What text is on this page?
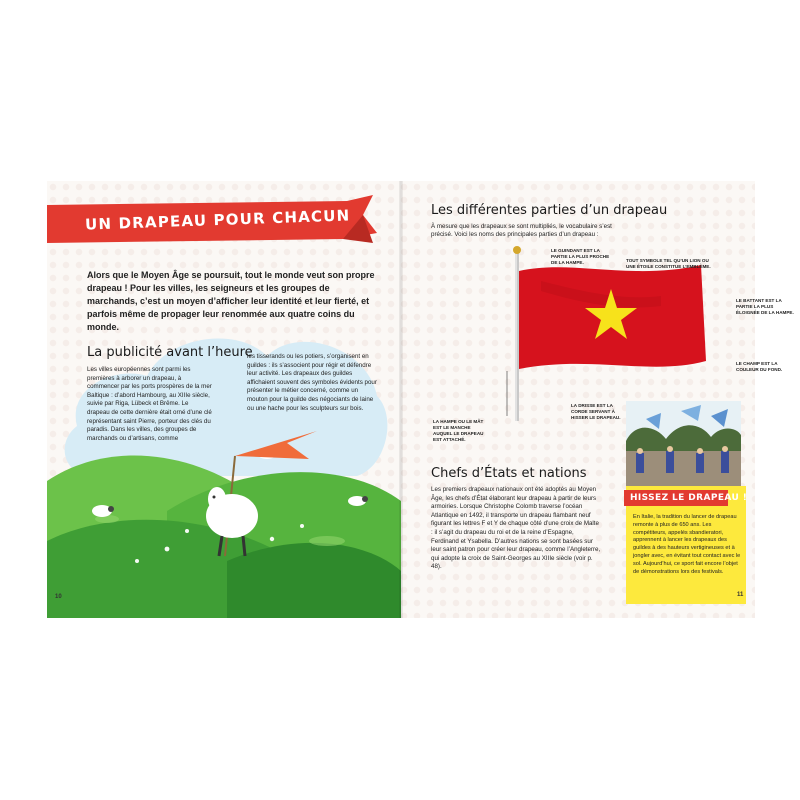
UN DRAPEAU POUR CHACUN
Alors que le Moyen Âge se poursuit, tout le monde veut son propre drapeau ! Pour les villes, les seigneurs et les groupes de marchands, c’est un moyen d’afficher leur identité et leur fierté, et parfois même de propager leur renommée aux quatre coins du monde.
La publicité avant l’heure
Les villes européennes sont parmi les premières à arborer un drapeau, à commencer par les ports prospères de la mer Baltique : d’abord Hambourg, au XIIIe siècle, suivie par Riga, Lübeck et Brême. Le drapeau de cette dernière était orné d’une clé représentant saint Pierre, porteur des clés du paradis. Dans les villes, des groupes de marchands ou d’artisans, comme
les tisserands ou les potiers, s’organisent en guildes : ils s’associent pour régir et défendre leur activité. Les drapeaux des guildes affichaient souvent des symboles évidents pour présenter le métier concerné, comme un mouton pour la guilde des négociants de laine ou une hache pour les sculpteurs sur bois.
10
Les différentes parties d’un drapeau
À mesure que les drapeaux se sont multipliés, le vocabulaire s’est précisé. Voici les noms des principales parties d’un drapeau :
LE GUINDANT EST LA PARTIE LA PLUS PROCHE DE LA HAMPE.	TOUT SYMBOLE TEL QU’UN LION OU UNE ÉTOILE CONSTITUE L’EMBLÈME.
LE BATTANT EST LA PARTIE LA PLUS ÉLOIGNÉE DE LA HAMPE.
LE CHAMP EST LA COULEUR DU FOND.
LA DRISSE EST LA CORDE SERVANT À HISSER LE DRAPEAU.
LA HAMPE OU LE MÂT EST LE MANCHE AUQUEL LE DRAPEAU EST ATTACHÉ.
Chefs d’États et nations
Les premiers drapeaux nationaux ont été adoptés au Moyen Âge, les chefs d’État élaborant leur drapeau à partir de leurs armoiries. Lorsque Christophe Colomb traverse l’océan Atlantique en 1492, il transporte un drapeau flambant neuf figurant les lettres F et Y de chaque côté d’une croix de Malte : il s’agit du drapeau du roi et de la reine d’Espagne, Ferdinand et Ysabella. D’autres nations se sont basées sur leur saint patron pour créer leur drapeau, comme l’Angleterre, qui adopte la croix de Saint-Georges au XIIIe siècle (voir p. 48).
HISSEZ LE DRAPEAU !
En Italie, la tradition du lancer de drapeau remonte à plus de 650 ans. Les compétiteurs, appelés sbandieratori, apprennent à lancer les drapeaux des guildes à des hauteurs vertigineuses et à jongler avec, en évitant tout contact avec le sol. Aujourd’hui, ce sport fait encore l’objet de démonstrations lors des festivals.
11
